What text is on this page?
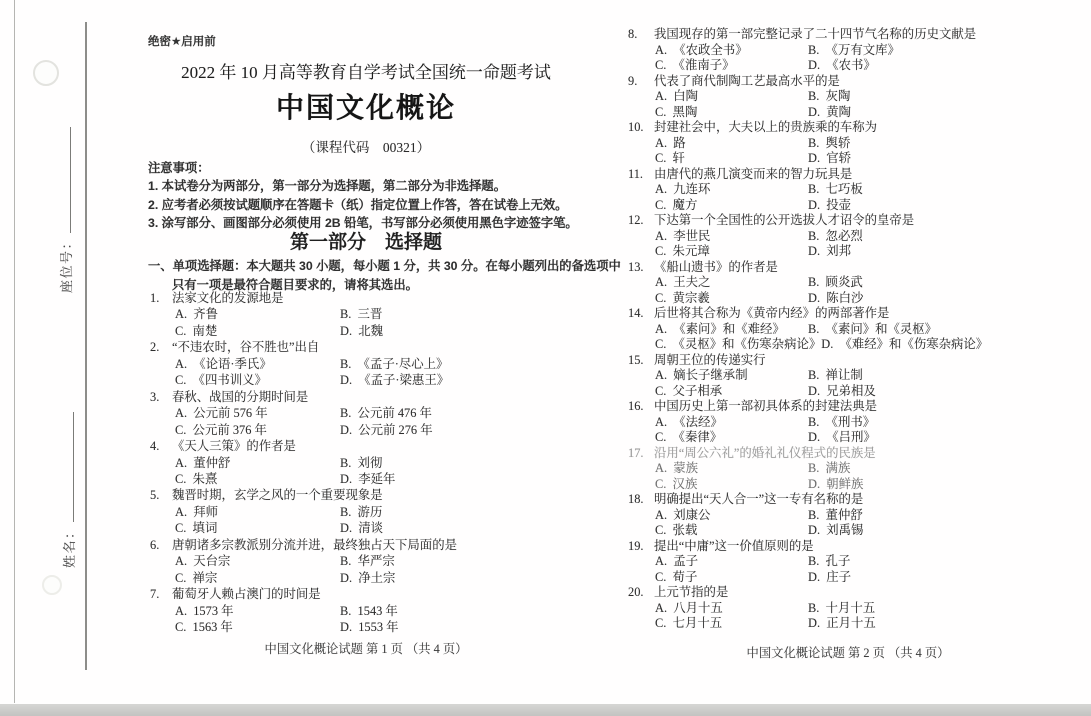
座位号：
姓名：
绝密★启用前
2022 年 10 月高等教育自学考试全国统一命题考试
中国文化概论
（课程代码　00321）
注意事项：
1. 本试卷分为两部分，第一部分为选择题，第二部分为非选择题。
2. 应考者必须按试题顺序在答题卡（纸）指定位置上作答，答在试卷上无效。
3. 涂写部分、画图部分必须使用 2B 铅笔，书写部分必须使用黑色字迹签字笔。
第一部分　选择题
一、单项选择题：本大题共 30 小题，每小题 1 分，共 30 分。在每小题列出的备选项中
只有一项是最符合题目要求的，请将其选出。
1. 法家文化的发源地是
A. 齐鲁	B. 三晋
C. 南楚	D. 北魏
2. “不违农时，谷不胜也”出自
A. 《论语·季氏》	B. 《孟子·尽心上》
C. 《四书训义》	D. 《孟子·梁惠王》
3. 春秋、战国的分期时间是
A. 公元前 576 年	B. 公元前 476 年
C. 公元前 376 年	D. 公元前 276 年
4. 《天人三策》的作者是
A. 董仲舒	B. 刘彻
C. 朱熹	D. 李延年
5. 魏晋时期，玄学之风的一个重要现象是
A. 拜师	B. 游历
C. 填词	D. 清谈
6. 唐朝诸多宗教派别分流并进，最终独占天下局面的是
A. 天台宗	B. 华严宗
C. 禅宗	D. 净土宗
7. 葡萄牙人赖占澳门的时间是
A. 1573 年	B. 1543 年
C. 1563 年	D. 1553 年
中国文化概论试题 第 1 页 （共 4 页）
8. 我国现存的第一部完整记录了二十四节气名称的历史文献是
A. 《农政全书》	B. 《万有文库》
C. 《淮南子》	D. 《农书》
9. 代表了商代制陶工艺最高水平的是
A. 白陶	B. 灰陶
C. 黑陶	D. 黄陶
10. 封建社会中，大夫以上的贵族乘的车称为
A. 路	B. 舆轿
C. 轩	D. 官轿
11. 由唐代的燕几演变而来的智力玩具是
A. 九连环	B. 七巧板
C. 魔方	D. 投壶
12. 下达第一个全国性的公开选拔人才诏令的皇帝是
A. 李世民	B. 忽必烈
C. 朱元璋	D. 刘邦
13. 《船山遗书》的作者是
A. 王夫之	B. 顾炎武
C. 黄宗羲	D. 陈白沙
14. 后世将其合称为《黄帝内经》的两部著作是
A. 《素问》和《难经》 B. 《素问》和《灵枢》
C. 《灵枢》和《伤寒杂病论》D. 《难经》和《伤寒杂病论》
15. 周朝王位的传递实行
A. 嫡长子继承制	B. 禅让制
C. 父子相承	D. 兄弟相及
16. 中国历史上第一部初具体系的封建法典是
A. 《法经》	B. 《刑书》
C. 《秦律》	D. 《吕刑》
17. 沿用“周公六礼”的婚礼礼仪程式的民族是
A. 蒙族	B. 满族
C. 汉族	D. 朝鲜族
18. 明确提出“天人合一”这一专有名称的是
A. 刘康公	B. 董仲舒
C. 张载	D. 刘禹锡
19. 提出“中庸”这一价值原则的是
A. 孟子	B. 孔子
C. 荀子	D. 庄子
20. 上元节指的是
A. 八月十五	B. 十月十五
C. 七月十五	D. 正月十五
中国文化概论试题 第 2 页 （共 4 页）
